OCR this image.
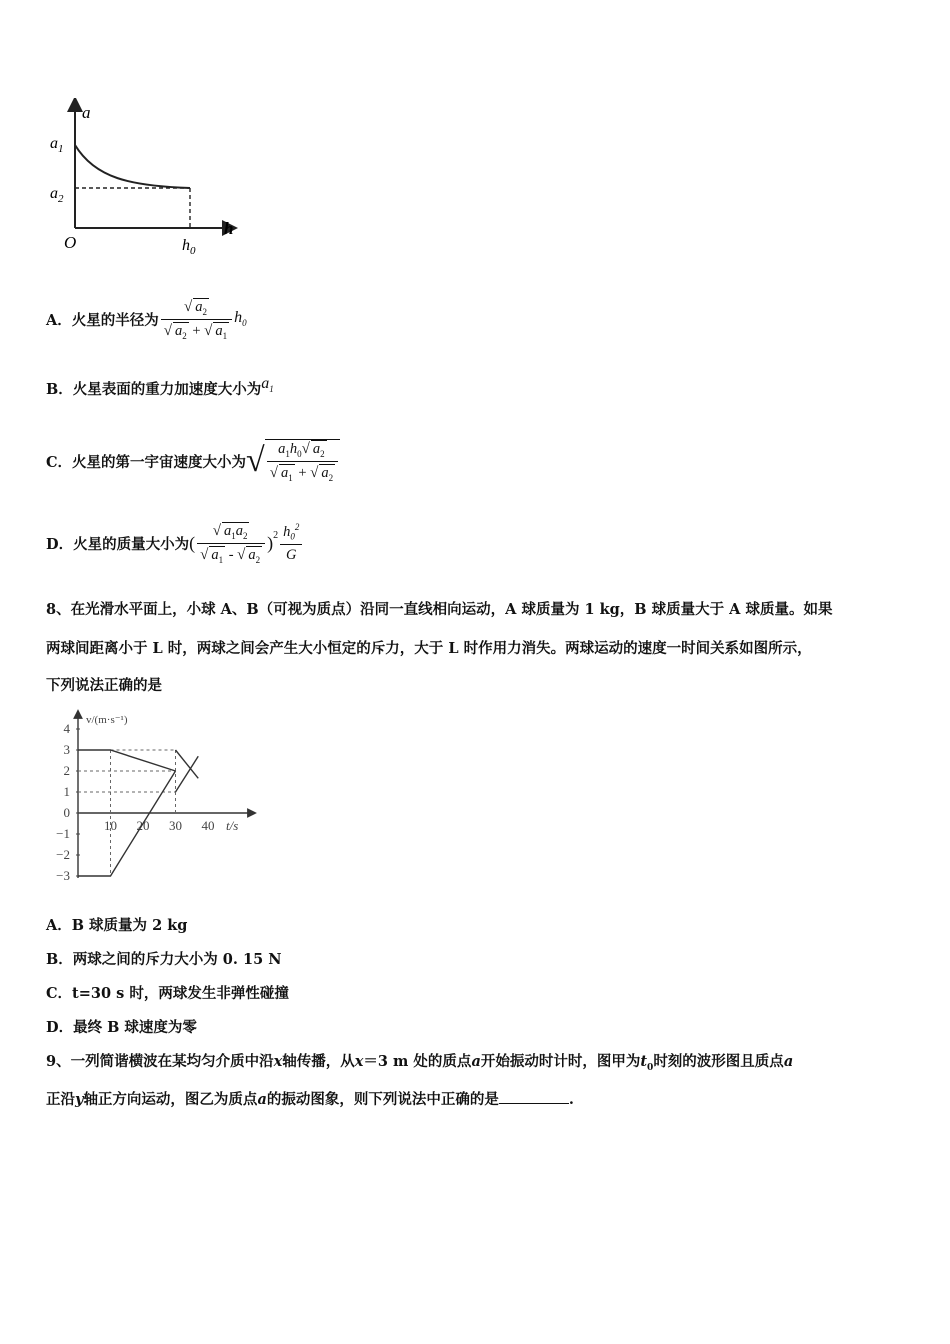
a
$a_1$
$a_2$
O	$h_0$
h
A．火星的半径为 $\frac{√ a_2}{√ a_2 + √ a_1} h_0$
B．火星表面的重力加速度大小为$a_1$
C．火星的第一宇宙速度大小为 √ $\frac{a_1h_0√ a_2}{√ a_1 + √ a_2}$
D．火星的质量大小为 ( $\frac{√ a_1a_2}{√ a_1 - √ a_2}$ ) $2 \frac{h_0^2}{G}$
8、在光滑水平面上，小球 A、B（可视为质点）沿同一直线相向运动，A 球质量为 1 kg，B 球质量大于 A 球质量。如果
两球间距离小于 L 时，两球之间会产生大小恒定的斥力，大于 L 时作用力消失。两球运动的速度一时间关系如图所示，
下列说法正确的是
v/(m·s⁻¹)
t/s
4
3
2
1
0
−1
−2
−3
10 20 30 40
A．B 球质量为 2 kg
B．两球之间的斥力大小为 0. 15 N
C．t=30 s 时，两球发生非弹性碰撞
D．最终 B 球速度为零
9、一列简谐横波在某均匀介质中沿x轴传播，从x＝3 m 处的质点a开始振动时计时，图甲为$t_0$时刻的波形图且质点a
正沿y轴正方向运动，图乙为质点a的振动图象，则下列说法中正确的是	.
